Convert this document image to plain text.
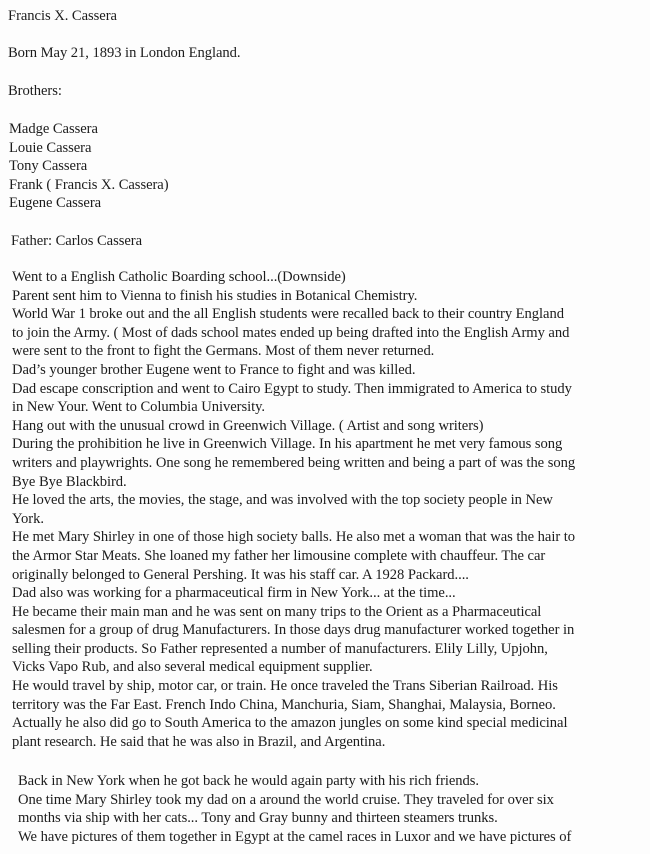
Francis X. Cassera
Born May 21, 1893 in London England.
Brothers:
Madge Cassera
Louie Cassera
Tony Cassera
Frank ( Francis X. Cassera)
Eugene Cassera
Father: Carlos Cassera
Went to a English Catholic Boarding school...(Downside)
Parent sent him to Vienna to finish his studies in Botanical Chemistry.
World War 1 broke out and the all English students were recalled back to their country England
to join the Army. ( Most of dads school mates ended up being drafted into the English Army and
were sent to the front to fight the Germans. Most of them never returned.
Dad’s younger brother Eugene went to France to fight and was killed.
Dad escape conscription and went to Cairo Egypt to study. Then immigrated to America to study
in New Your. Went to Columbia University.
Hang out with the unusual crowd in Greenwich Village. ( Artist and song writers)
During the prohibition he live in Greenwich Village. In his apartment he met very famous song
writers and playwrights. One song he remembered being written and being a part of was the song
Bye Bye Blackbird.
He loved the arts, the movies, the stage, and was involved with the top society people in New
York.
He met Mary Shirley in one of those high society balls. He also met a woman that was the hair to
the Armor Star Meats. She loaned my father her limousine complete with chauffeur. The car
originally belonged to General Pershing. It was his staff car. A 1928 Packard....
Dad also was working for a pharmaceutical firm in New York... at the time...
He became their main man and he was sent on many trips to the Orient as a Pharmaceutical
salesmen for a group of drug Manufacturers. In those days drug manufacturer worked together in
selling their products. So Father represented a number of manufacturers. Elily Lilly, Upjohn,
Vicks Vapo Rub, and also several medical equipment supplier.
He would travel by ship, motor car, or train. He once traveled the Trans Siberian Railroad. His
territory was the Far East. French Indo China, Manchuria, Siam, Shanghai, Malaysia, Borneo.
Actually he also did go to South America to the amazon jungles on some kind special medicinal
plant research. He said that he was also in Brazil, and Argentina.
Back in New York when he got back he would again party with his rich friends.
One time Mary Shirley took my dad on a around the world cruise. They traveled for over six
months via ship with her cats... Tony and Gray bunny and thirteen steamers trunks.
We have pictures of them together in Egypt at the camel races in Luxor and we have pictures of
